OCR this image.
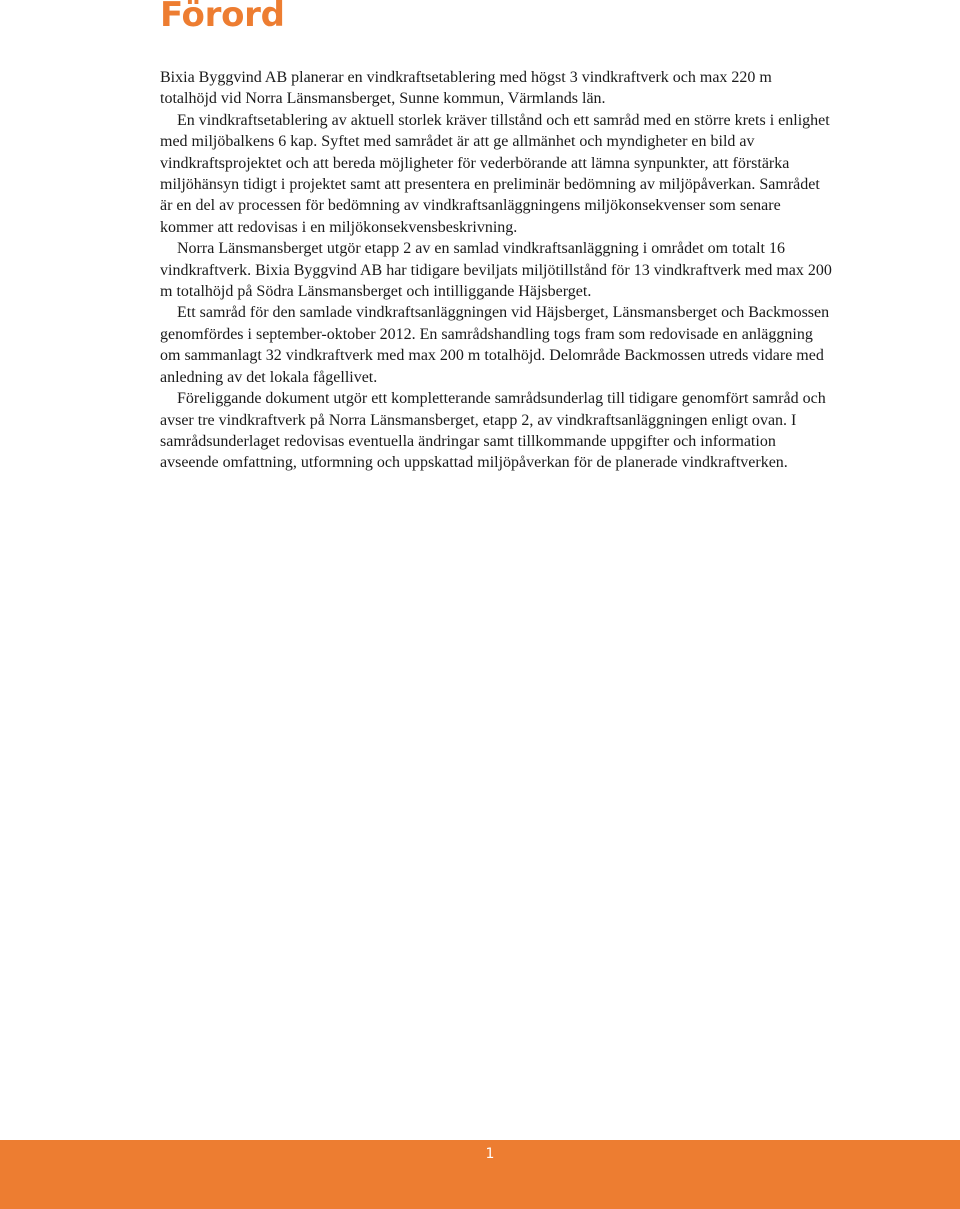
Förord

Bixia Byggvind AB planerar en vindkraftsetablering med högst 3 vindkraftverk och max 220 m totalhöjd vid Norra Länsmansberget, Sunne kommun, Värmlands län.

En vindkraftsetablering av aktuell storlek kräver tillstånd och ett samråd med en större krets i enlighet med miljöbalkens 6 kap. Syftet med samrådet är att ge allmänhet och myndigheter en bild av vindkraftsprojektet och att bereda möjligheter för vederbörande att lämna synpunkter, att förstärka miljöhänsyn tidigt i projektet samt att presentera en preliminär bedömning av miljöpåverkan. Samrådet är en del av processen för bedömning av vindkraftsanläggningens miljökonsekvenser som senare kommer att redovisas i en miljökonsekvensbeskrivning.

Norra Länsmansberget utgör etapp 2 av en samlad vindkraftsanläggning i området om totalt 16 vindkraftverk. Bixia Byggvind AB har tidigare beviljats miljötillstånd för 13 vindkraftverk med max 200 m totalhöjd på Södra Länsmansberget och intilliggande Häjsberget.

Ett samråd för den samlade vindkraftsanläggningen vid Häjsberget, Länsmansberget och Backmossen genomfördes i september-oktober 2012. En samrådshandling togs fram som redovisade en anläggning om sammanlagt 32 vindkraftverk med max 200 m totalhöjd. Delområde Backmossen utreds vidare med anledning av det lokala fågellivet.

Föreliggande dokument utgör ett kompletterande samrådsunderlag till tidigare genomfört samråd och avser tre vindkraftverk på Norra Länsmansberget, etapp 2, av vindkraftsanläggningen enligt ovan. I samrådsunderlaget redovisas eventuella ändringar samt tillkommande uppgifter och information avseende omfattning, utformning och uppskattad miljöpåverkan för de planerade vindkraftverken.

1
